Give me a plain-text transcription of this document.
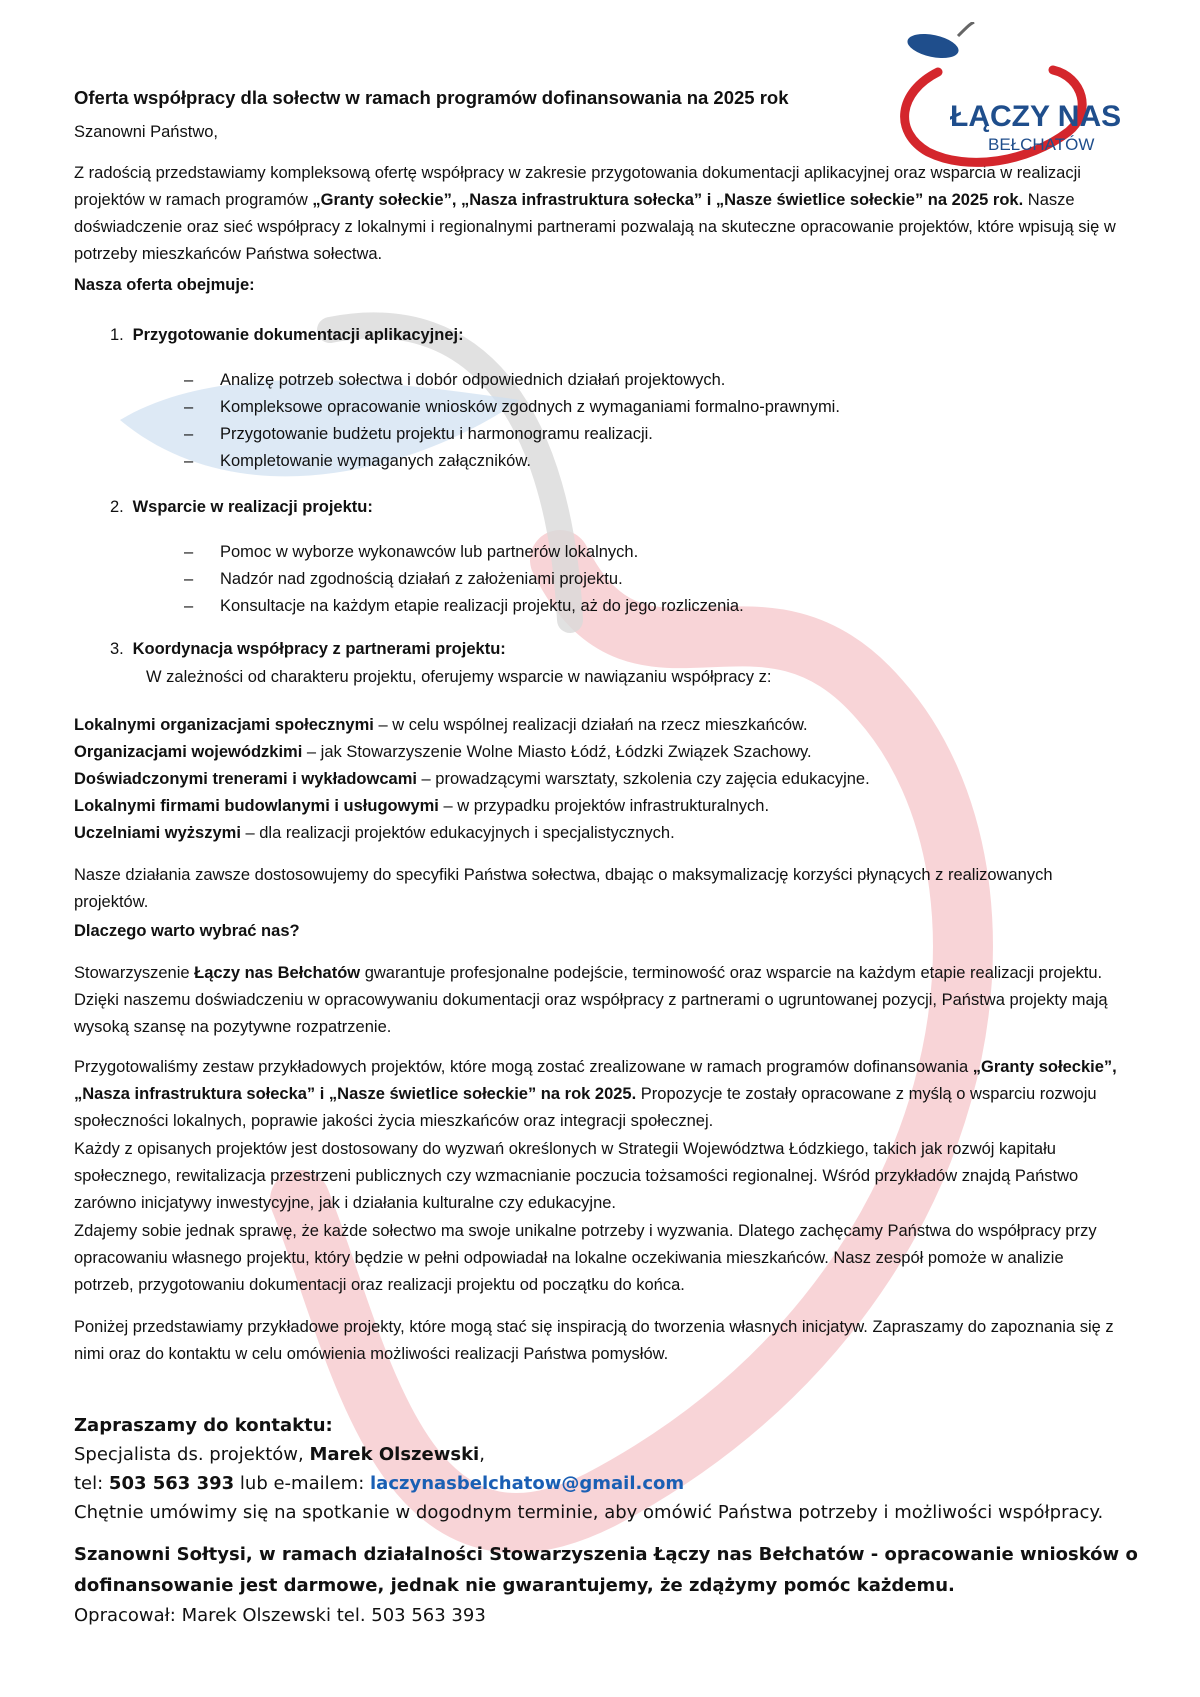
ŁĄCZY NAS
BEŁCHATÓW
Oferta współpracy dla sołectw w ramach programów dofinansowania na 2025 rok
Szanowni Państwo,

Z radością przedstawiamy kompleksową ofertę współpracy w zakresie przygotowania dokumentacji aplikacyjnej oraz wsparcia w realizacji projektów w ramach programów „Granty sołeckie”, „Nasza infrastruktura sołecka” i „Nasze świetlice sołeckie” na 2025 rok. Nasze doświadczenie oraz sieć współpracy z lokalnymi i regionalnymi partnerami pozwalają na skuteczne opracowanie projektów, które wpisują się w potrzeby mieszkańców Państwa sołectwa.

Nasza oferta obejmuje:
1. Przygotowanie dokumentacji aplikacyjnej:
– Analizę potrzeb sołectwa i dobór odpowiednich działań projektowych.
– Kompleksowe opracowanie wniosków zgodnych z wymaganiami formalno-prawnymi.
– Przygotowanie budżetu projektu i harmonogramu realizacji.
– Kompletowanie wymaganych załączników.
2. Wsparcie w realizacji projektu:
– Pomoc w wyborze wykonawców lub partnerów lokalnych.
– Nadzór nad zgodnością działań z założeniami projektu.
– Konsultacje na każdym etapie realizacji projektu, aż do jego rozliczenia.
3. Koordynacja współpracy z partnerami projektu:
W zależności od charakteru projektu, oferujemy wsparcie w nawiązaniu współpracy z:
Lokalnymi organizacjami społecznymi – w celu wspólnej realizacji działań na rzecz mieszkańców.
Organizacjami wojewódzkimi – jak Stowarzyszenie Wolne Miasto Łódź, Łódzki Związek Szachowy.
Doświadczonymi trenerami i wykładowcami – prowadzącymi warsztaty, szkolenia czy zajęcia edukacyjne.
Lokalnymi firmami budowlanymi i usługowymi – w przypadku projektów infrastrukturalnych.
Uczelniami wyższymi – dla realizacji projektów edukacyjnych i specjalistycznych.

Nasze działania zawsze dostosowujemy do specyfiki Państwa sołectwa, dbając o maksymalizację korzyści płynących z realizowanych projektów.

Dlaczego warto wybrać nas?

Stowarzyszenie Łączy nas Bełchatów gwarantuje profesjonalne podejście, terminowość oraz wsparcie na każdym etapie realizacji projektu. Dzięki naszemu doświadczeniu w opracowywaniu dokumentacji oraz współpracy z partnerami o ugruntowanej pozycji, Państwa projekty mają wysoką szansę na pozytywne rozpatrzenie.

Przygotowaliśmy zestaw przykładowych projektów, które mogą zostać zrealizowane w ramach programów dofinansowania „Granty sołeckie”, „Nasza infrastruktura sołecka” i „Nasze świetlice sołeckie” na rok 2025. Propozycje te zostały opracowane z myślą o wsparciu rozwoju społeczności lokalnych, poprawie jakości życia mieszkańców oraz integracji społecznej.

Każdy z opisanych projektów jest dostosowany do wyzwań określonych w Strategii Województwa Łódzkiego, takich jak rozwój kapitału społecznego, rewitalizacja przestrzeni publicznych czy wzmacnianie poczucia tożsamości regionalnej. Wśród przykładów znajdą Państwo zarówno inicjatywy inwestycyjne, jak i działania kulturalne czy edukacyjne.

Zdajemy sobie jednak sprawę, że każde sołectwo ma swoje unikalne potrzeby i wyzwania. Dlatego zachęcamy Państwa do współpracy przy opracowaniu własnego projektu, który będzie w pełni odpowiadał na lokalne oczekiwania mieszkańców. Nasz zespół pomoże w analizie potrzeb, przygotowaniu dokumentacji oraz realizacji projektu od początku do końca.

Poniżej przedstawiamy przykładowe projekty, które mogą stać się inspiracją do tworzenia własnych inicjatyw. Zapraszamy do zapoznania się z nimi oraz do kontaktu w celu omówienia możliwości realizacji Państwa pomysłów.

Zapraszamy do kontaktu:
Specjalista ds. projektów, Marek Olszewski,
tel: 503 563 393 lub e-mailem: laczynasbelchatow@gmail.com
Chętnie umówimy się na spotkanie w dogodnym terminie, aby omówić Państwa potrzeby i możliwości współpracy.
Szanowni Sołtysi, w ramach działalności Stowarzyszenia Łączy nas Bełchatów - opracowanie wniosków o
dofinansowanie jest darmowe, jednak nie gwarantujemy, że zdążymy pomóc każdemu.
Opracował: Marek Olszewski tel. 503 563 393
